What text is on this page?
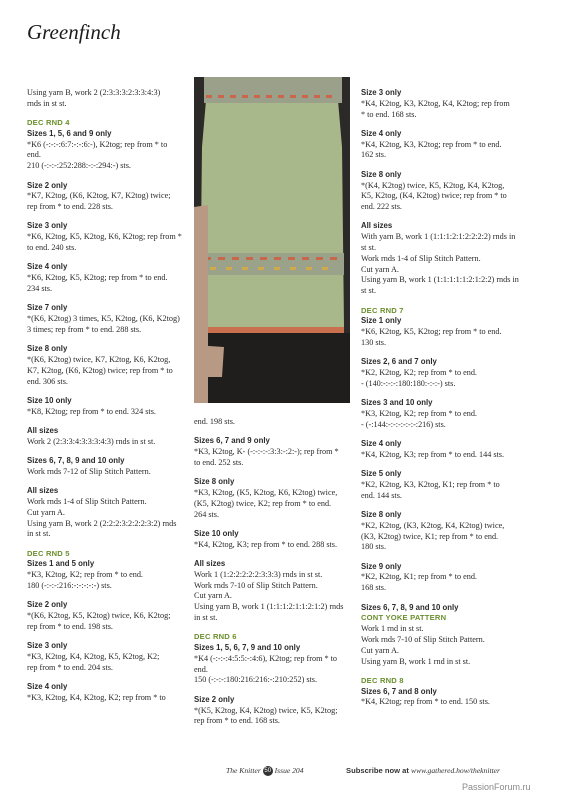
Greenfinch
Using yarn B, work 2 (2:3:3:3:2:3:3:4:3)
rnds in st st.

DEC RND 4

Sizes 1, 5, 6 and 9 only
*K6 (-:-:-:6:7:-:-:6:-), K2tog; rep from * to
end.
210 (-:-:-:252:288:-:-:294:-) sts.
Size 2 only
*K7, K2tog, (K6, K2tog, K7, K2tog) twice;
rep from * to end. 228 sts.
Size 3 only
*K6, K2tog, K5, K2tog, K6, K2tog; rep from *
to end. 240 sts.
Size 4 only
*K6, K2tog, K5, K2tog; rep from * to end.
234 sts.
Size 7 only
*(K6, K2tog) 3 times, K5, K2tog, (K6, K2tog)
3 times; rep from * to end. 288 sts.
Size 8 only
*(K6, K2tog) twice, K7, K2tog, K6, K2tog,
K7, K2tog, (K6, K2tog) twice; rep from * to
end. 306 sts.
Size 10 only
*K8, K2tog; rep from * to end. 324 sts.
All sizes
Work 2 (2:3:3:4:3:3:3:4:3) rnds in st st.
Sizes 6, 7, 8, 9 and 10 only
Work rnds 7-12 of Slip Stitch Pattern.
All sizes
Work rnds 1-4 of Slip Stitch Pattern.
Cut yarn A.
Using yarn B, work 2 (2:2:2:3:2:2:2:3:2) rnds
in st st.

DEC RND 5

Sizes 1 and 5 only
*K3, K2tog, K2; rep from * to end.
180 (-:-:-:216:-:-:-:-:-) sts.
Size 2 only
*(K6, K2tog, K5, K2tog) twice, K6, K2tog;
rep from * to end. 198 sts.
Size 3 only
*K3, K2tog, K4, K2tog, K5, K2tog, K2;
rep from * to end. 204 sts.
Size 4 only
*K3, K2tog, K4, K2tog, K2; rep from * to
end. 198 sts.
Sizes 6, 7 and 9 only
*K3, K2tog, K- (-:-:-:-:3:3:-:2:-); rep from *
to end. 252 sts.
Size 8 only
*K3, K2tog, (K5, K2tog, K6, K2tog) twice,
(K5, K2tog) twice, K2; rep from * to end.
264 sts.
Size 10 only
*K4, K2tog, K3; rep from * to end. 288 sts.
All sizes
Work 1 (1:2:2:2:2:2:3:3:3) rnds in st st.
Work rnds 7-10 of Slip Stitch Pattern.
Cut yarn A.
Using yarn B, work 1 (1:1:1:2:1:1:2:1:2) rnds
in st st.

DEC RND 6

Sizes 1, 5, 6, 7, 9 and 10 only
*K4 (-:-:-:4:5:5:-:4:6), K2tog; rep from * to
end.
150 (-:-:-:180:216:216:-:210:252) sts.
Size 2 only
*(K5, K2tog, K4, K2tog) twice, K5, K2tog;
rep from * to end. 168 sts.
Size 3 only
*K4, K2tog, K3, K2tog, K4, K2tog; rep from
* to end. 168 sts.
Size 4 only
*K4, K2tog, K3, K2tog; rep from * to end.
162 sts.
Size 8 only
*(K4, K2tog) twice, K5, K2tog, K4, K2tog,
K5, K2tog, (K4, K2tog) twice; rep from * to
end. 222 sts.
All sizes
With yarn B, work 1 (1:1:1:2:1:2:2:2:2) rnds in
st st.
Work rnds 1-4 of Slip Stitch Pattern.
Cut yarn A.
Using yarn B, work 1 (1:1:1:1:1:2:1:2:2) rnds in
st st.

DEC RND 7

Size 1 only
*K6, K2tog, K5, K2tog; rep from * to end.
130 sts.
Sizes 2, 6 and 7 only
*K2, K2tog, K2; rep from * to end.
- (140:-:-:-:180:180:-:-:-) sts.
Sizes 3 and 10 only
*K3, K2tog, K2; rep from * to end.
- (-:144:-:-:-:-:-:-:216) sts.
Size 4 only
*K4, K2tog, K3; rep from * to end. 144 sts.
Size 5 only
*K2, K2tog, K3, K2tog, K1; rep from * to
end. 144 sts.
Size 8 only
*K2, K2tog, (K3, K2tog, K4, K2tog) twice,
(K3, K2tog) twice, K1; rep from * to end.
180 sts.
Size 9 only
*K2, K2tog, K1; rep from * to end.
168 sts.
Sizes 6, 7, 8, 9 and 10 only

CONT YOKE PATTERN

Work 1 rnd in st st.
Work rnds 7-10 of Slip Stitch Pattern.
Cut yarn A.
Using yarn B, work 1 rnd in st st.

DEC RND 8

Sizes 6, 7 and 8 only
*K4, K2tog; rep from * to end. 150 sts.
The Knitter 50 Issue 204	Subscribe now at www.gathered.how/theknitter
PassionForum.ru
